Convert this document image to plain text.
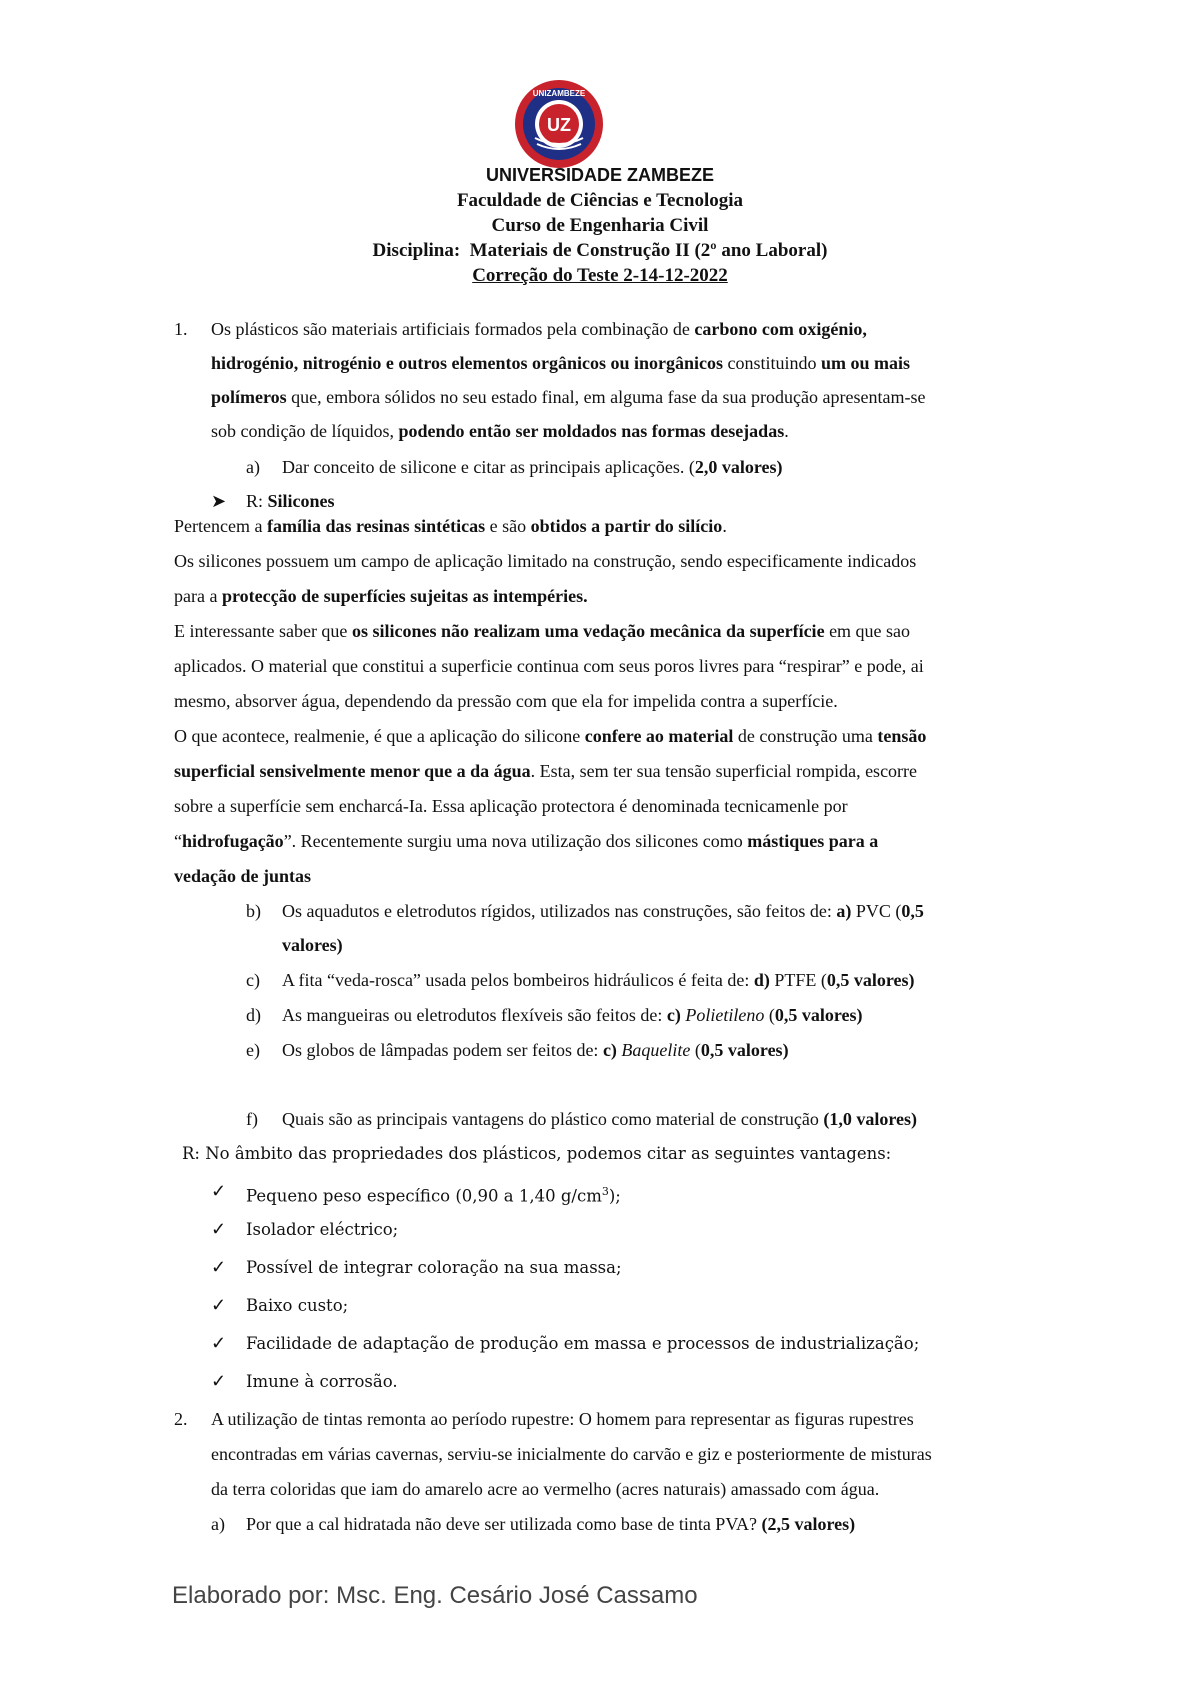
UZ
UNIZAMBEZE
UNIVERSIDADE ZAMBEZE
Faculdade de Ciências e Tecnologia
Curso de Engenharia Civil
Disciplina: Materiais de Construção II (2º ano Laboral)
Correção do Teste 2-14-12-2022
1. Os plásticos são materiais artificiais formados pela combinação de carbono com oxigénio,
hidrogénio, nitrogénio e outros elementos orgânicos ou inorgânicos constituindo um ou mais
polímeros que, embora sólidos no seu estado final, em alguma fase da sua produção apresentam-se
sob condição de líquidos, podendo então ser moldados nas formas desejadas.
a) Dar conceito de silicone e citar as principais aplicações. (2,0 valores)
➤ R: Silicones
Pertencem a família das resinas sintéticas e são obtidos a partir do silício.
Os silicones possuem um campo de aplicação limitado na construção, sendo especificamente indicados
para a protecção de superfícies sujeitas as intempéries.
E interessante saber que os silicones não realizam uma vedação mecânica da superfície em que sao
aplicados. O material que constitui a superficie continua com seus poros livres para “respirar” e pode, ai
mesmo, absorver água, dependendo da pressão com que ela for impelida contra a superfície.
O que acontece, realmenie, é que a aplicação do silicone confere ao material de construção uma tensão
superficial sensivelmente menor que a da água. Esta, sem ter sua tensão superficial rompida, escorre
sobre a superfície sem encharcá-Ia. Essa aplicação protectora é denominada tecnicamenle por
“hidrofugação”. Recentemente surgiu uma nova utilização dos silicones como mástiques para a
vedação de juntas
b) Os aquadutos e eletrodutos rígidos, utilizados nas construções, são feitos de: a) PVC (0,5
valores)
c) A fita “veda-rosca” usada pelos bombeiros hidráulicos é feita de: d) PTFE (0,5 valores)
d) As mangueiras ou eletrodutos flexíveis são feitos de: c) Polietileno (0,5 valores)
e) Os globos de lâmpadas podem ser feitos de: c) Baquelite (0,5 valores)
f) Quais são as principais vantagens do plástico como material de construção (1,0 valores)
R: No âmbito das propriedades dos plásticos, podemos citar as seguintes vantagens:
✓ Pequeno peso específico (0,90 a 1,40 $g/cm^3$);
✓ Isolador eléctrico;
✓ Possível de integrar coloração na sua massa;
✓ Baixo custo;
✓ Facilidade de adaptação de produção em massa e processos de industrialização;
✓ Imune à corrosão.
2. A utilização de tintas remonta ao período rupestre: O homem para representar as figuras rupestres
encontradas em várias cavernas, serviu-se inicialmente do carvão e giz e posteriormente de misturas
da terra coloridas que iam do amarelo acre ao vermelho (acres naturais) amassado com água.
a) Por que a cal hidratada não deve ser utilizada como base de tinta PVA? (2,5 valores)
Elaborado por: Msc. Eng. Cesário José Cassamo
